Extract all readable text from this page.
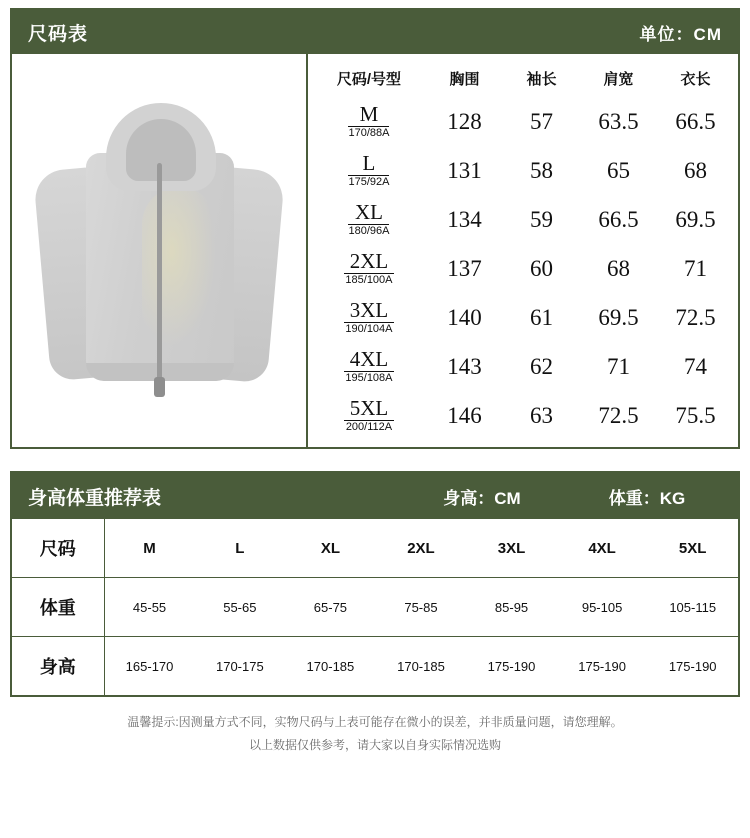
尺码表	单位：CM
尺码/号型	胸围	袖长	肩宽	衣长

M
170/88A	128	57	63.5	66.5

L
175/92A	131	58	65	68

XL
180/96A	134	59	66.5	69.5

2XL
185/100A	137	60	68	71

3XL
190/104A	140	61	69.5	72.5

4XL
195/108A	143	62	71	74

5XL
200/112A	146	63	72.5	75.5
身高体重推荐表	身高：CM	体重：KG
尺码	M	L	XL	2XL	3XL	4XL	5XL
体重	45-55	55-65	65-75	75-85	85-95	95-105	105-115
身高	165-170	170-175	170-185	170-185	175-190	175-190	175-190
温馨提示:因测量方式不同，实物尺码与上表可能存在微小的误差，并非质量问题，请您理解。
以上数据仅供参考，请大家以自身实际情况选购
